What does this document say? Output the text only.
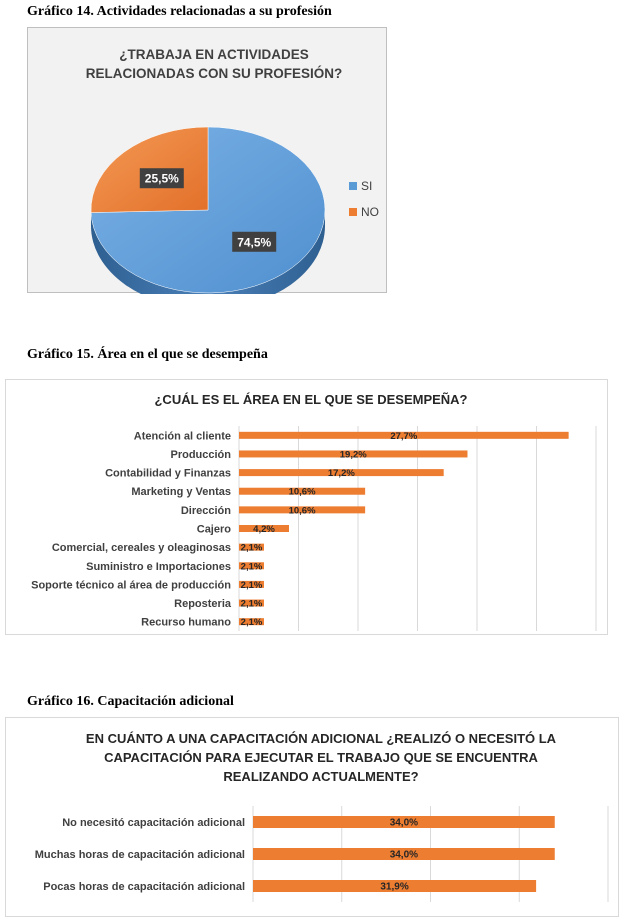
Gráfico 14. Actividades relacionadas a su profesión
Gráfico 15. Área en el que se desempeña
Gráfico 16. Capacitación adicional
¿TRABAJA EN ACTIVIDADES
RELACIONADAS CON SU PROFESIÓN?
74,5%
25,5%
SI
NO
¿CUÁL ES EL ÁREA EN EL QUE SE DESEMPEÑA?
Atención al cliente	27,7%
Producción	19,2%
Contabilidad y Finanzas	17,2%
Marketing y Ventas	10,6%
Dirección	10,6%
Cajero 4,2%
Comercial, cereales y oleaginosas 2,1%
Suministro e Importaciones 2,1%
Soporte técnico al área de producción 2,1%
Reposteria 2,1%
Recurso humano 2,1%
EN CUÁNTO A UNA CAPACITACIÓN ADICIONAL ¿REALIZÓ O NECESITÓ LA
CAPACITACIÓN PARA EJECUTAR EL TRABAJO QUE SE ENCUENTRA
REALIZANDO ACTUALMENTE?
No necesitó capacitación adicional	34,0%
Muchas horas de capacitación adicional	34,0%
Pocas horas de capacitación adicional	31,9%
